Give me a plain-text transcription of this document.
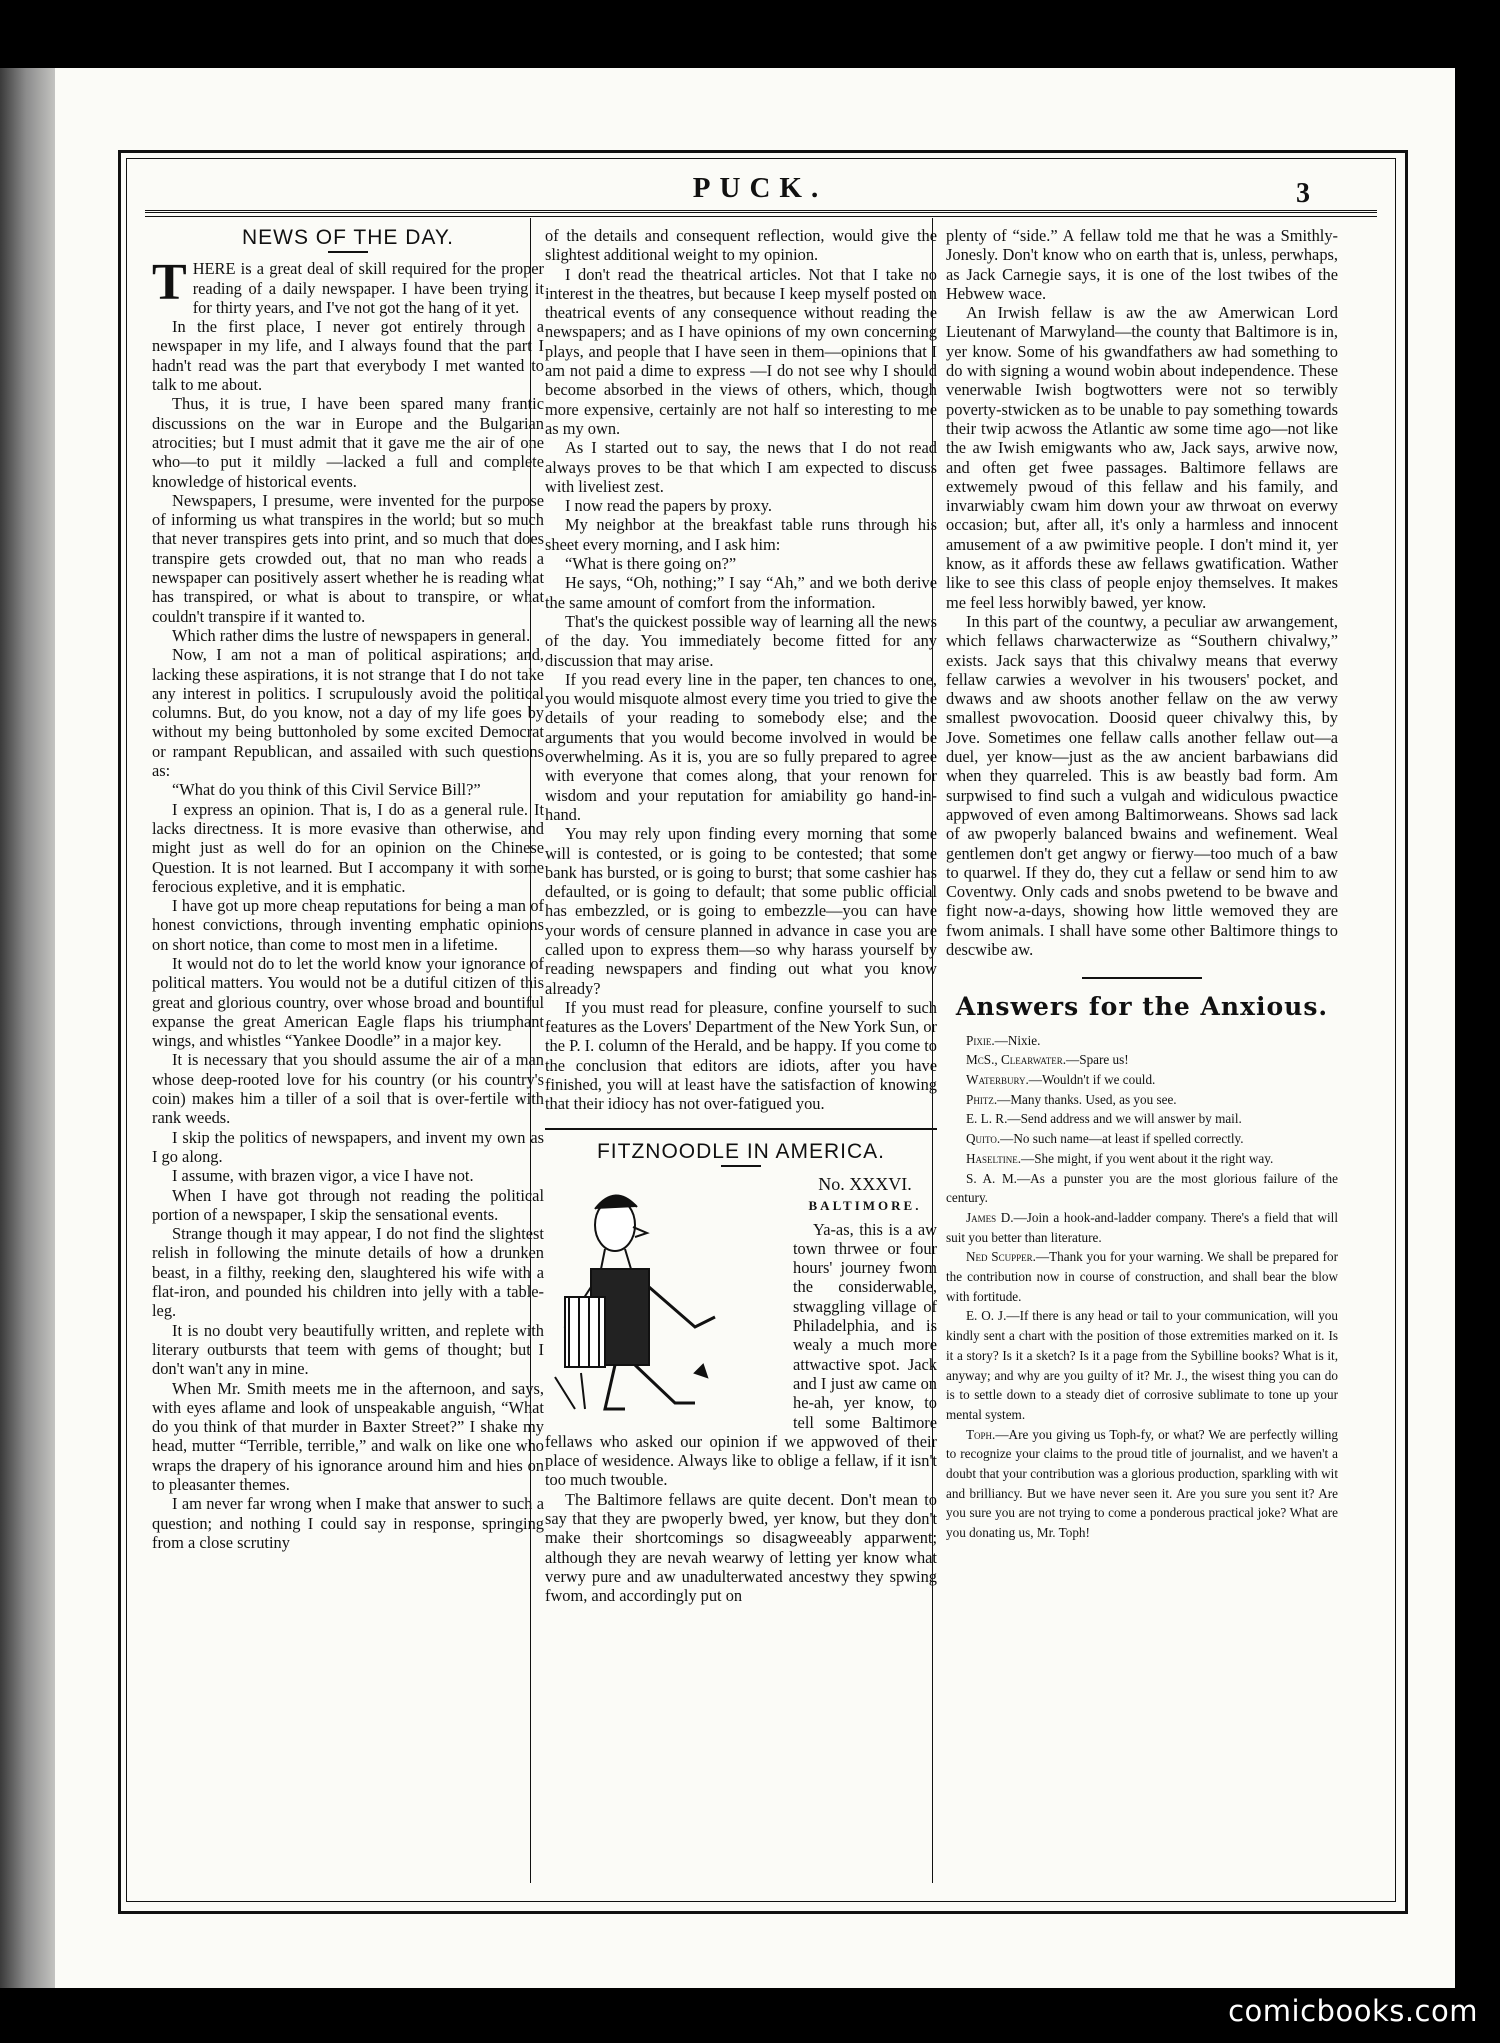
PUCK.	3
NEWS OF THE DAY.

THERE is a great deal of skill required for the proper reading of a daily newspaper. I have been trying it for thirty years, and I've not got the hang of it yet.

In the first place, I never got entirely through a newspaper in my life, and I always found that the part I hadn't read was the part that everybody I met wanted to talk to me about.

Thus, it is true, I have been spared many frantic discussions on the war in Europe and the Bulgarian atrocities; but I must admit that it gave me the air of one who—to put it mildly —lacked a full and complete knowledge of historical events.

Newspapers, I presume, were invented for the purpose of informing us what transpires in the world; but so much that never transpires gets into print, and so much that does transpire gets crowded out, that no man who reads a newspaper can positively assert whether he is reading what has transpired, or what is about to transpire, or what couldn't transpire if it wanted to.

Which rather dims the lustre of newspapers in general.

Now, I am not a man of political aspirations; and, lacking these aspirations, it is not strange that I do not take any interest in politics. I scrupulously avoid the political columns. But, do you know, not a day of my life goes by without my being buttonholed by some excited Democrat or rampant Republican, and assailed with such questions as:

“What do you think of this Civil Service Bill?”

I express an opinion. That is, I do as a general rule. It lacks directness. It is more evasive than otherwise, and might just as well do for an opinion on the Chinese Question. It is not learned. But I accompany it with some ferocious expletive, and it is emphatic.

I have got up more cheap reputations for being a man of honest convictions, through inventing emphatic opinions on short notice, than come to most men in a lifetime.

It would not do to let the world know your ignorance of political matters. You would not be a dutiful citizen of this great and glorious country, over whose broad and bountiful expanse the great American Eagle flaps his triumphant wings, and whistles “Yankee Doodle” in a major key.

It is necessary that you should assume the air of a man whose deep-rooted love for his country (or his country's coin) makes him a tiller of a soil that is over-fertile with rank weeds.

I skip the politics of newspapers, and invent my own as I go along.

I assume, with brazen vigor, a vice I have not.

When I have got through not reading the political portion of a newspaper, I skip the sensational events.

Strange though it may appear, I do not find the slightest relish in following the minute details of how a drunken beast, in a filthy, reeking den, slaughtered his wife with a flat-iron, and pounded his children into jelly with a table-leg.

It is no doubt very beautifully written, and replete with literary outbursts that teem with gems of thought; but I don't wan't any in mine.

When Mr. Smith meets me in the afternoon, and says, with eyes aflame and look of unspeakable anguish, “What do you think of that murder in Baxter Street?” I shake my head, mutter “Terrible, terrible,” and walk on like one who wraps the drapery of his ignorance around him and hies on to pleasanter themes.

I am never far wrong when I make that answer to such a question; and nothing I could say in response, springing from a close scrutiny

of the details and consequent reflection, would give the slightest additional weight to my opinion.

I don't read the theatrical articles. Not that I take no interest in the theatres, but because I keep myself posted on theatrical events of any consequence without reading the newspapers; and as I have opinions of my own concerning plays, and people that I have seen in them—opinions that I am not paid a dime to express —I do not see why I should become absorbed in the views of others, which, though more expensive, certainly are not half so interesting to me as my own.

As I started out to say, the news that I do not read always proves to be that which I am expected to discuss with liveliest zest.

I now read the papers by proxy.

My neighbor at the breakfast table runs through his sheet every morning, and I ask him:

“What is there going on?”

He says, “Oh, nothing;” I say “Ah,” and we both derive the same amount of comfort from the information.

That's the quickest possible way of learning all the news of the day. You immediately become fitted for any discussion that may arise.

If you read every line in the paper, ten chances to one, you would misquote almost every time you tried to give the details of your reading to somebody else; and the arguments that you would become involved in would be overwhelming. As it is, you are so fully prepared to agree with everyone that comes along, that your renown for wisdom and your reputation for amiability go hand-in-hand.

You may rely upon finding every morning that some will is contested, or is going to be contested; that some bank has bursted, or is going to burst; that some cashier has defaulted, or is going to default; that some public official has embezzled, or is going to embezzle—you can have your words of censure planned in advance in case you are called upon to express them—so why harass yourself by reading newspapers and finding out what you know already?

If you must read for pleasure, confine yourself to such features as the Lovers' Department of the New York Sun, or the P. I. column of the Herald, and be happy. If you come to the conclusion that editors are idiots, after you have finished, you will at least have the satisfaction of knowing that their idiocy has not over-fatigued you.

FITZNOODLE IN AMERICA.
No. XXXVI.
BALTIMORE.

Ya-as, this is a aw town thrwee or four hours' journey fwom the considerwable, stwaggling village of Philadelphia, and is wealy a much more attwactive spot. Jack and I just aw came on he-ah, yer know, to tell some Baltimore fellaws who asked our opinion if we appwoved of their place of wesidence. Always like to oblige a fellaw, if it isn't too much twouble.

The Baltimore fellaws are quite decent. Don't mean to say that they are pwoperly bwed, yer know, but they don't make their shortcomings so disagweeably apparwent; although they are nevah wearwy of letting yer know what verwy pure and aw unadulterwated ancestwy they spwing fwom, and accordingly put on

plenty of “side.” A fellaw told me that he was a Smithly-Jonesly. Don't know who on earth that is, unless, perwhaps, as Jack Carnegie says, it is one of the lost twibes of the Hebwew wace.

An Irwish fellaw is aw the aw Amerwican Lord Lieutenant of Marwyland—the county that Baltimore is in, yer know. Some of his gwandfathers aw had something to do with signing a wound wobin about independence. These venerwable Iwish bogtwotters were not so terwibly poverty-stwicken as to be unable to pay something towards their twip acwoss the Atlantic aw some time ago—not like the aw Iwish emigwants who aw, Jack says, arwive now, and often get fwee passages. Baltimore fellaws are extwemely pwoud of this fellaw and his family, and invarwiably cwam him down your aw thrwoat on everwy occasion; but, after all, it's only a harmless and innocent amusement of a aw pwimitive people. I don't mind it, yer know, as it affords these aw fellaws gwatification. Wather like to see this class of people enjoy themselves. It makes me feel less horwibly bawed, yer know.

In this part of the countwy, a peculiar aw arwangement, which fellaws charwacterwize as “Southern chivalwy,” exists. Jack says that this chivalwy means that everwy fellaw carwies a wevolver in his twousers' pocket, and dwaws and aw shoots another fellaw on the aw verwy smallest pwovocation. Doosid queer chivalwy this, by Jove. Sometimes one fellaw calls another fellaw out—a duel, yer know—just as the aw ancient barbawians did when they quarreled. This is aw beastly bad form. Am surpwised to find such a vulgah and widiculous pwactice appwoved of even among Baltimorweans. Shows sad lack of aw pwoperly balanced bwains and wefinement. Weal gentlemen don't get angwy or fierwy—too much of a baw to quarwel. If they do, they cut a fellaw or send him to aw Coventwy. Only cads and snobs pwetend to be bwave and fight now-a-days, showing how little wemoved they are fwom animals. I shall have some other Baltimore things to descwibe aw.

Answers for the Anxious.

Pixie.—Nixie.

McS., Clearwater.—Spare us!

Waterbury.—Wouldn't if we could.

Phitz.—Many thanks. Used, as you see.

E. L. R.—Send address and we will answer by mail.

Quito.—No such name—at least if spelled correctly.

Haseltine.—She might, if you went about it the right way.

S. A. M.—As a punster you are the most glorious failure of the century.

James D.—Join a hook-and-ladder company. There's a field that will suit you better than literature.

Ned Scupper.—Thank you for your warning. We shall be prepared for the contribution now in course of construction, and shall bear the blow with fortitude.

E. O. J.—If there is any head or tail to your communication, will you kindly sent a chart with the position of those extremities marked on it. Is it a story? Is it a sketch? Is it a page from the Sybilline books? What is it, anyway; and why are you guilty of it? Mr. J., the wisest thing you can do is to settle down to a steady diet of corrosive sublimate to tone up your mental system.

Toph.—Are you giving us Toph-fy, or what? We are perfectly willing to recognize your claims to the proud title of journalist, and we haven't a doubt that your contribution was a glorious production, sparkling with wit and brilliancy. But we have never seen it. Are you sure you sent it? Are you sure you are not trying to come a ponderous practical joke? What are you donating us, Mr. Toph!

comicbooks.com
